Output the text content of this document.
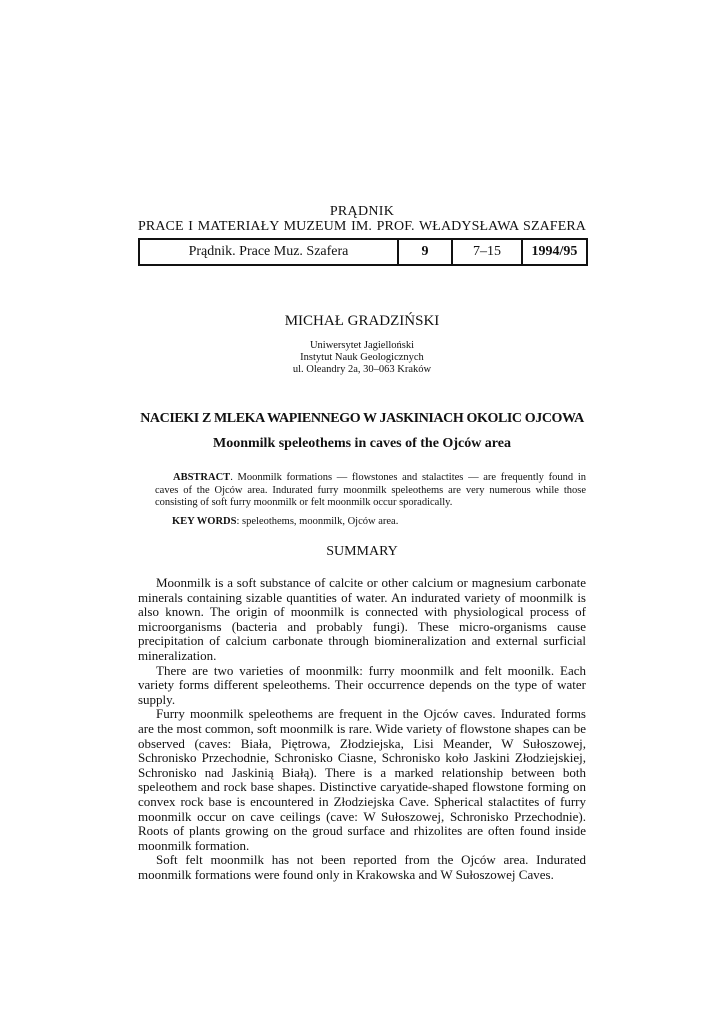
PRĄDNIK
PRACE I MATERIAŁY MUZEUM IM. PROF. WŁADYSŁAWA SZAFERA
Prądnik. Prace Muz. Szafera	9	7–15	1994/95
MICHAŁ GRADZIŃSKI
Uniwersytet Jagielloński
Instytut Nauk Geologicznych
ul. Oleandry 2a, 30–063 Kraków
NACIEKI Z MLEKA WAPIENNEGO W JASKINIACH OKOLIC OJCOWA
Moonmilk speleothems in caves of the Ojców area
ABSTRACT. Moonmilk formations — flowstones and stalactites — are frequently found in caves of the Ojców area. Indurated furry moonmilk speleothems are very numerous while those consisting of soft furry moonmilk or felt moonmilk occur sporadically.
KEY WORDS: speleothems, moonmilk, Ojców area.
SUMMARY

Moonmilk is a soft substance of calcite or other calcium or magnesium carbonate minerals containing sizable quantities of water. An indurated variety of moonmilk is also known. The origin of moonmilk is connected with physiological process of microorganisms (bacteria and probably fungi). These micro-organisms cause precipitation of calcium carbonate through biomineralization and external surficial mineralization.

There are two varieties of moonmilk: furry moonmilk and felt moonilk. Each variety forms different speleothems. Their occurrence depends on the type of water supply.

Furry moonmilk speleothems are frequent in the Ojców caves. Indurated forms are the most common, soft moonmilk is rare. Wide variety of flowstone shapes can be observed (caves: Biała, Piętrowa, Złodziejska, Lisi Meander, W Sułoszowej, Schronisko Przechodnie, Schronisko Ciasne, Schronisko koło Jaskini Złodziejskiej, Schronisko nad Jaskinią Białą). There is a marked relationship between both speleothem and rock base shapes. Distinctive caryatide-shaped flowstone forming on convex rock base is encountered in Złodziejska Cave. Spherical stalactites of furry moonmilk occur on cave ceilings (cave: W Sułoszowej, Schronisko Przechodnie). Roots of plants growing on the groud surface and rhizolites are often found inside moonmilk formation.

Soft felt moonmilk has not been reported from the Ojców area. Indurated moonmilk formations were found only in Krakowska and W Sułoszowej Caves.
